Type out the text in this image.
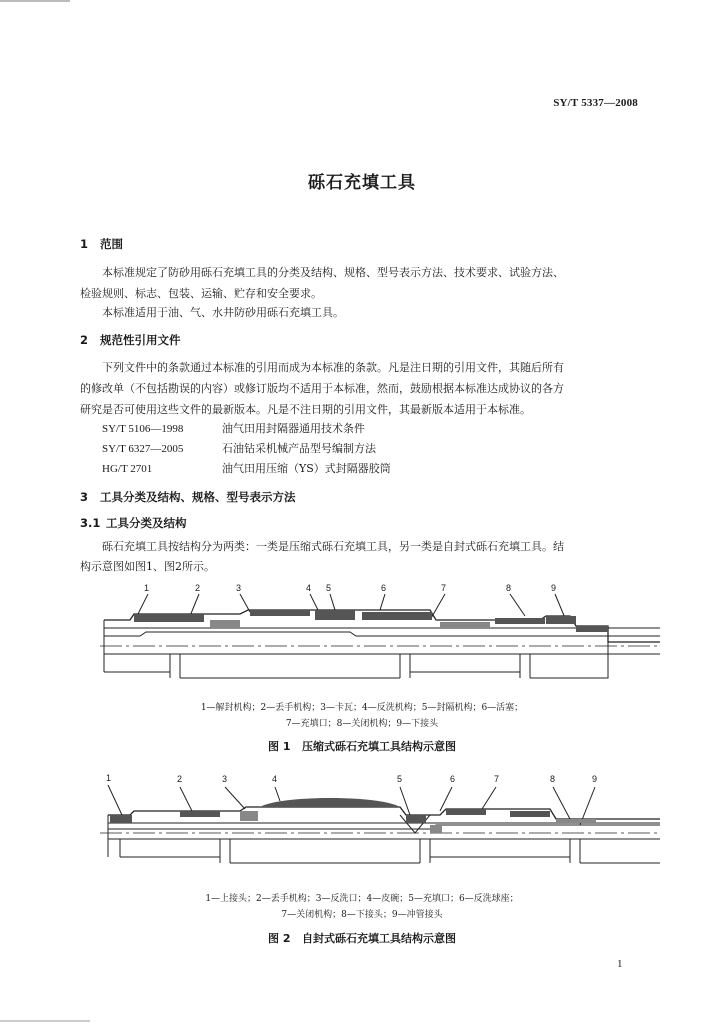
SY/T 5337—2008
砾石充填工具
1 范围
本标准规定了防砂用砾石充填工具的分类及结构、规格、型号表示方法、技术要求、试验方法、
检验规则、标志、包装、运输、贮存和安全要求。
本标准适用于油、气、水井防砂用砾石充填工具。
2 规范性引用文件
下列文件中的条款通过本标准的引用而成为本标准的条款。凡是注日期的引用文件，其随后所有
的修改单（不包括勘误的内容）或修订版均不适用于本标准，然而，鼓励根据本标准达成协议的各方
研究是否可使用这些文件的最新版本。凡是不注日期的引用文件，其最新版本适用于本标准。
SY/T 5106—1998	油气田用封隔器通用技术条件
SY/T 6327—2005	石油钻采机械产品型号编制方法
HG/T 2701	油气田用压缩（YS）式封隔器胶筒
3 工具分类及结构、规格、型号表示方法
3.1 工具分类及结构
砾石充填工具按结构分为两类：一类是压缩式砾石充填工具，另一类是自封式砾石充填工具。结
构示意图如图1、图2所示。
1	2	3	4 5	6	7	8	9
1—解封机构；2—丢手机构；3—卡瓦；4—反洗机构；5—封隔机构；6—活塞；
7—充填口；8—关闭机构；9—下接头
图 1 压缩式砾石充填工具结构示意图
1	2	3	4	5	6	7	8	9
1—上接头；2—丢手机构；3—反洗口；4—皮碗；5—充填口；6—反洗球座；
7—关闭机构；8—下接头；9—冲管接头
图 2 自封式砾石充填工具结构示意图
1
